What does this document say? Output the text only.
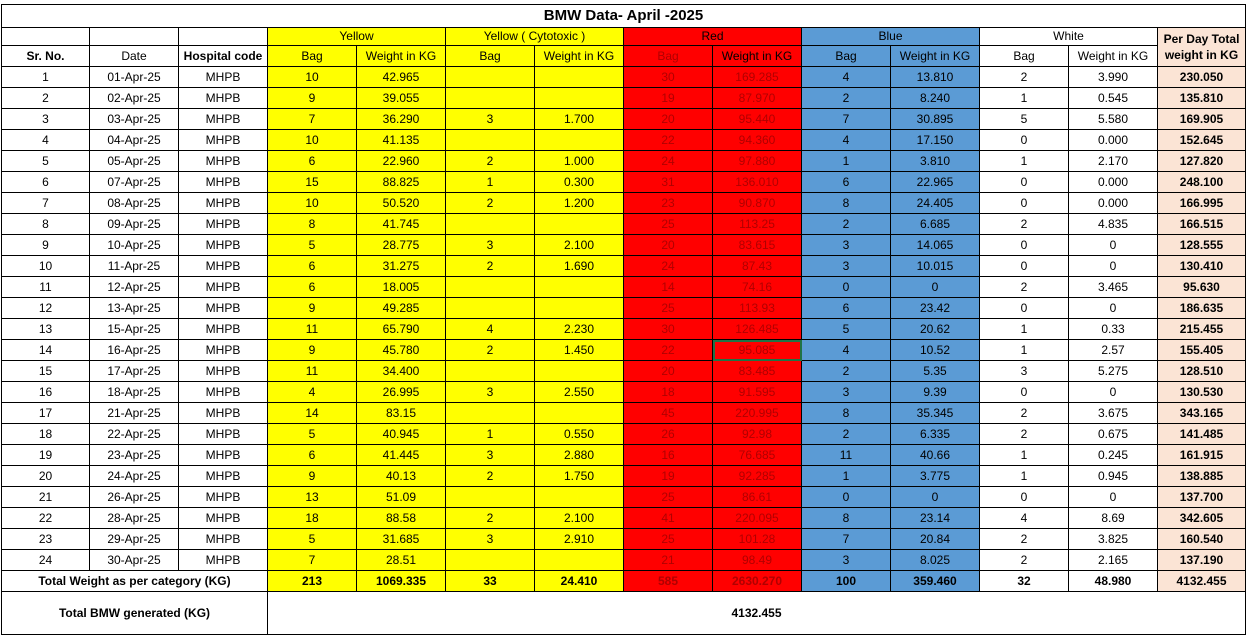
BMW Data- April -2025													
			Yellow		Yellow ( Cytotoxic )		Red		Blue		White		Per Day Total weight in KG
Sr. No.	Date	Hospital code	Bag	Weight in KG	Bag	Weight in KG	Bag	Weight in KG	Bag	Weight in KG	Bag	Weight in KG	
1	01-Apr-25	MHPB	10	42.965			30	169.285	4	13.810	2	3.990	230.050
2	02-Apr-25	MHPB	9	39.055			19	87.970	2	8.240	1	0.545	135.810
3	03-Apr-25	MHPB	7	36.290	3	1.700	20	95.440	7	30.895	5	5.580	169.905
4	04-Apr-25	MHPB	10	41.135			22	94.360	4	17.150	0	0.000	152.645
5	05-Apr-25	MHPB	6	22.960	2	1.000	24	97.880	1	3.810	1	2.170	127.820
6	07-Apr-25	MHPB	15	88.825	1	0.300	31	136.010	6	22.965	0	0.000	248.100
7	08-Apr-25	MHPB	10	50.520	2	1.200	23	90.870	8	24.405	0	0.000	166.995
8	09-Apr-25	MHPB	8	41.745			25	113.25	2	6.685	2	4.835	166.515
9	10-Apr-25	MHPB	5	28.775	3	2.100	20	83.615	3	14.065	0	0	128.555
10	11-Apr-25	MHPB	6	31.275	2	1.690	24	87.43	3	10.015	0	0	130.410
11	12-Apr-25	MHPB	6	18.005			14	74.16	0	0	2	3.465	95.630
12	13-Apr-25	MHPB	9	49.285			25	113.93	6	23.42	0	0	186.635
13	15-Apr-25	MHPB	11	65.790	4	2.230	30	126.485	5	20.62	1	0.33	215.455
14	16-Apr-25	MHPB	9	45.780	2	1.450	22	95.085	4	10.52	1	2.57	155.405
15	17-Apr-25	MHPB	11	34.400			20	83.485	2	5.35	3	5.275	128.510
16	18-Apr-25	MHPB	4	26.995	3	2.550	18	91.595	3	9.39	0	0	130.530
17	21-Apr-25	MHPB	14	83.15			45	220.995	8	35.345	2	3.675	343.165
18	22-Apr-25	MHPB	5	40.945	1	0.550	26	92.98	2	6.335	2	0.675	141.485
19	23-Apr-25	MHPB	6	41.445	3	2.880	16	76.685	11	40.66	1	0.245	161.915
20	24-Apr-25	MHPB	9	40.13	2	1.750	19	92.285	1	3.775	1	0.945	138.885
21	26-Apr-25	MHPB	13	51.09			25	86.61	0	0	0	0	137.700
22	28-Apr-25	MHPB	18	88.58	2	2.100	41	220.095	8	23.14	4	8.69	342.605
23	29-Apr-25	MHPB	5	31.685	3	2.910	25	101.28	7	20.84	2	3.825	160.540
24	30-Apr-25	MHPB	7	28.51			21	98.49	3	8.025	2	2.165	137.190
Total Weight as per category (KG)			213	1069.335	33	24.410	585	2630.270	100	359.460	32	48.980	4132.455
Total BMW generated (KG)			4132.455										
